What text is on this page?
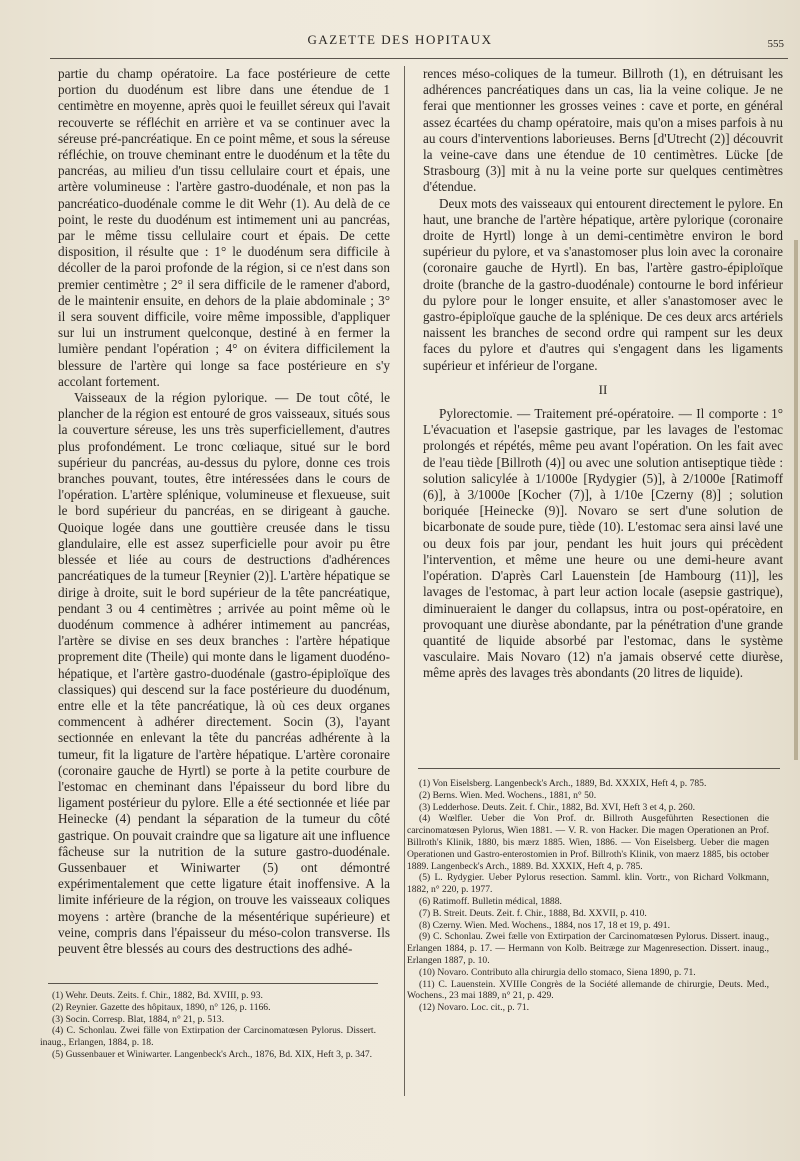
GAZETTE DES HOPITAUX	555

partie du champ opératoire. La face postérieure de cette portion du duodénum est libre dans une étendue de 1 centimètre en moyenne, après quoi le feuillet séreux qui l'avait recouverte se réfléchit en arrière et va se continuer avec la séreuse pré-pancréatique. En ce point même, et sous la séreuse réfléchie, on trouve cheminant entre le duodénum et la tête du pancréas, au milieu d'un tissu cellulaire court et épais, une artère volumineuse : l'artère gastro-duodénale, et non pas la pancréatico-duodénale comme le dit Wehr (1). Au delà de ce point, le reste du duodénum est intimement uni au pancréas, par le même tissu cellulaire court et épais. De cette disposition, il résulte que : 1° le duodénum sera difficile à décoller de la paroi profonde de la région, si ce n'est dans son premier centimètre ; 2° il sera difficile de le ramener d'abord, de le maintenir ensuite, en dehors de la plaie abdominale ; 3° il sera souvent difficile, voire même impossible, d'appliquer sur lui un instrument quelconque, destiné à en fermer la lumière pendant l'opération ; 4° on évitera difficilement la blessure de l'artère qui longe sa face postérieure en s'y accolant fortement.

Vaisseaux de la région pylorique. — De tout côté, le plancher de la région est entouré de gros vaisseaux, situés sous la couverture séreuse, les uns très superficiellement, d'autres plus profondément. Le tronc cœliaque, situé sur le bord supérieur du pancréas, au-dessus du pylore, donne ces trois branches pouvant, toutes, être intéressées dans le cours de l'opération. L'artère splénique, volumineuse et flexueuse, suit le bord supérieur du pancréas, en se dirigeant à gauche. Quoique logée dans une gouttière creusée dans le tissu glandulaire, elle est assez superficielle pour avoir pu être blessée et liée au cours de destructions d'adhérences pancréatiques de la tumeur [Reynier (2)]. L'artère hépatique se dirige à droite, suit le bord supérieur de la tête pancréatique, pendant 3 ou 4 centimètres ; arrivée au point même où le duodénum commence à adhérer intimement au pancréas, l'artère se divise en ses deux branches : l'artère hépatique proprement dite (Theile) qui monte dans le ligament duodéno-hépatique, et l'artère gastro-duodénale (gastro-épiploïque des classiques) qui descend sur la face postérieure du duodénum, entre elle et la tête pancréatique, là où ces deux organes commencent à adhérer directement. Socin (3), l'ayant sectionnée en enlevant la tête du pancréas adhérente à la tumeur, fit la ligature de l'artère hépatique. L'artère coronaire (coronaire gauche de Hyrtl) se porte à la petite courbure de l'estomac en cheminant dans l'épaisseur du bord libre du ligament postérieur du pylore. Elle a été sectionnée et liée par Heinecke (4) pendant la séparation de la tumeur du côté gastrique. On pouvait craindre que sa ligature ait une influence fâcheuse sur la nutrition de la suture gastro-duodénale. Gussenbauer et Winiwarter (5) ont démontré expérimentalement que cette ligature était inoffensive. A la limite inférieure de la région, on trouve les vaisseaux coliques moyens : artère (branche de la mésentérique supérieure) et veine, compris dans l'épaisseur du méso-colon transverse. Ils peuvent être blessés au cours des destructions des adhé-

(1) Wehr. Deuts. Zeits. f. Chir., 1882, Bd. XVIII, p. 93.

(2) Reynier. Gazette des hôpitaux, 1890, n° 126, p. 1166.

(3) Socin. Corresp. Blat, 1884, n° 21, p. 513.

(4) C. Schonlau. Zwei fälle von Extirpation der Carcinomatœsen Pylorus. Dissert. inaug., Erlangen, 1884, p. 18.

(5) Gussenbauer et Winiwarter. Langenbeck's Arch., 1876, Bd. XIX, Heft 3, p. 347.

rences méso-coliques de la tumeur. Billroth (1), en détruisant les adhérences pancréatiques dans un cas, lia la veine colique. Je ne ferai que mentionner les grosses veines : cave et porte, en général assez écartées du champ opératoire, mais qu'on a mises parfois à nu au cours d'interventions laborieuses. Berns [d'Utrecht (2)] découvrit la veine-cave dans une étendue de 10 centimètres. Lücke [de Strasbourg (3)] mit à nu la veine porte sur quelques centimètres d'étendue.

Deux mots des vaisseaux qui entourent directement le pylore. En haut, une branche de l'artère hépatique, artère pylorique (coronaire droite de Hyrtl) longe à un demi-centimètre environ le bord supérieur du pylore, et va s'anastomoser plus loin avec la coronaire (coronaire gauche de Hyrtl). En bas, l'artère gastro-épiploïque droite (branche de la gastro-duodénale) contourne le bord inférieur du pylore pour le longer ensuite, et aller s'anastomoser avec le gastro-épiploïque gauche de la splénique. De ces deux arcs artériels naissent les branches de second ordre qui rampent sur les deux faces du pylore et d'autres qui s'engagent dans les ligaments supérieur et inférieur de l'organe.

II

Pylorectomie. — Traitement pré-opératoire. — Il comporte : 1° L'évacuation et l'asepsie gastrique, par les lavages de l'estomac prolongés et répétés, même peu avant l'opération. On les fait avec de l'eau tiède [Billroth (4)] ou avec une solution antiseptique tiède : solution salicylée à 1/1000e [Rydygier (5)], à 2/1000e [Ratimoff (6)], à 3/1000e [Kocher (7)], à 1/10e [Czerny (8)] ; solution boriquée [Heinecke (9)]. Novaro se sert d'une solution de bicarbonate de soude pure, tiède (10). L'estomac sera ainsi lavé une ou deux fois par jour, pendant les huit jours qui précèdent l'intervention, et même une heure ou une demi-heure avant l'opération. D'après Carl Lauenstein [de Hambourg (11)], les lavages de l'estomac, à part leur action locale (asepsie gastrique), diminueraient le danger du collapsus, intra ou post-opératoire, en provoquant une diurèse abondante, par la pénétration d'une grande quantité de liquide absorbé par l'estomac, dans le système vasculaire. Mais Novaro (12) n'a jamais observé cette diurèse, même après des lavages très abondants (20 litres de liquide).

(1) Von Eiselsberg. Langenbeck's Arch., 1889, Bd. XXXIX, Heft 4, p. 785.

(2) Berns. Wien. Med. Wochens., 1881, n° 50.

(3) Ledderhose. Deuts. Zeit. f. Chir., 1882, Bd. XVI, Heft 3 et 4, p. 260.

(4) Wœlfler. Ueber die Von Prof. dr. Billroth Ausgeführten Resectionen die carcinomatœsen Pylorus, Wien 1881. — V. R. von Hacker. Die magen Operationen an Prof. Billroth's Klinik, 1880, bis mærz 1885. Wien, 1886. — Von Eiselsberg. Ueber die magen Operationen und Gastro-enterostomien in Prof. Billroth's Klinik, von maerz 1885, bis october 1889. Langenbeck's Arch., 1889. Bd. XXXIX, Heft 4, p. 785.

(5) L. Rydygier. Ueber Pylorus resection. Samml. klin. Vortr., von Richard Volkmann, 1882, n° 220, p. 1977.

(6) Ratimoff. Bulletin médical, 1888.

(7) B. Streit. Deuts. Zeit. f. Chir., 1888, Bd. XXVII, p. 410.

(8) Czerny. Wien. Med. Wochens., 1884, nos 17, 18 et 19, p. 491.

(9) C. Schonlau. Zwei fælle von Extirpation der Carcinomatœsen Pylorus. Dissert. inaug., Erlangen 1884, p. 17. — Hermann von Kolb. Beitræge zur Magenresection. Dissert. inaug., Erlangen 1887, p. 10.

(10) Novaro. Contributo alla chirurgia dello stomaco, Siena 1890, p. 71.

(11) C. Lauenstein. XVIIIe Congrès de la Société allemande de chirurgie, Deuts. Med., Wochens., 23 mai 1889, n° 21, p. 429.

(12) Novaro. Loc. cit., p. 71.
